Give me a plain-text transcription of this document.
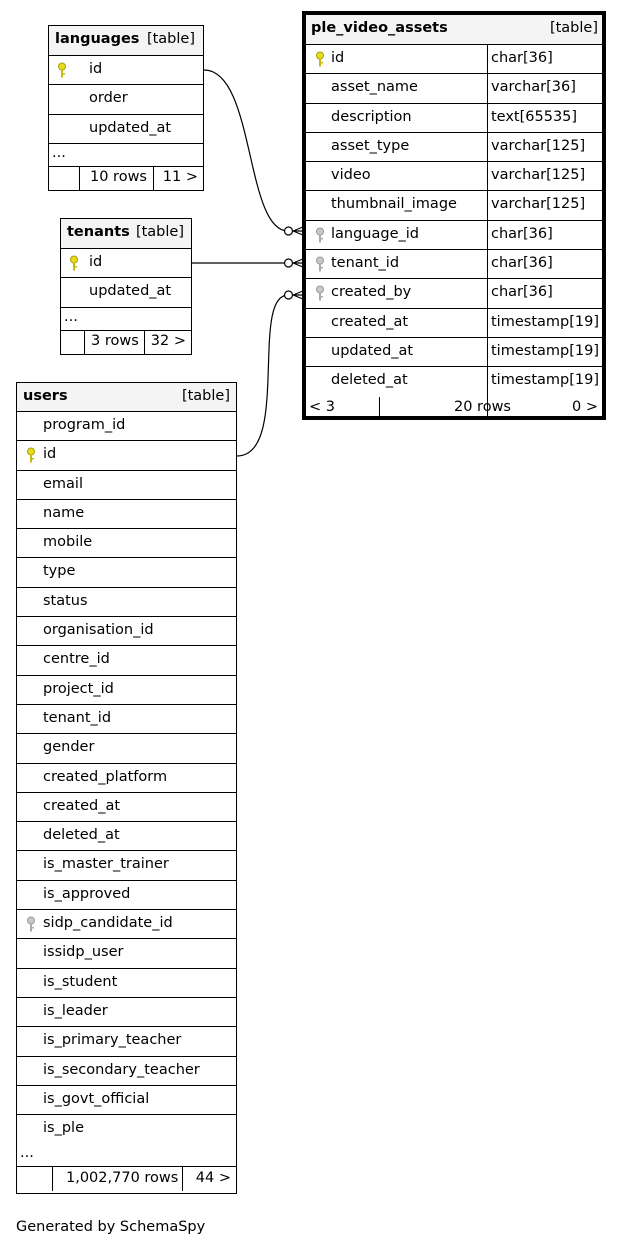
languages [table]
id
order
updated_at
...
10 rows 11 >
tenants [table]
id
updated_at
...
3 rows 32 >
users	[table]
program_id
id
email
name
mobile
type
status
organisation_id
centre_id
project_id
tenant_id
gender
created_platform
created_at
deleted_at
is_master_trainer
is_approved
sidp_candidate_id
issidp_user
is_student
is_leader
is_primary_teacher
is_secondary_teacher
is_govt_official
is_ple
...
1,002,770 rows 44 >
ple_video_assets	[table]
id	char[36]
asset_name	varchar[36]
description	text[65535]
asset_type	varchar[125]
video	varchar[125]
thumbnail_image varchar[125]
language_id	char[36]
tenant_id	char[36]
created_by	char[36]
created_at	timestamp[19]
updated_at	timestamp[19]
deleted_at	timestamp[19]
< 3	20 rows	0 >
Generated by SchemaSpy
